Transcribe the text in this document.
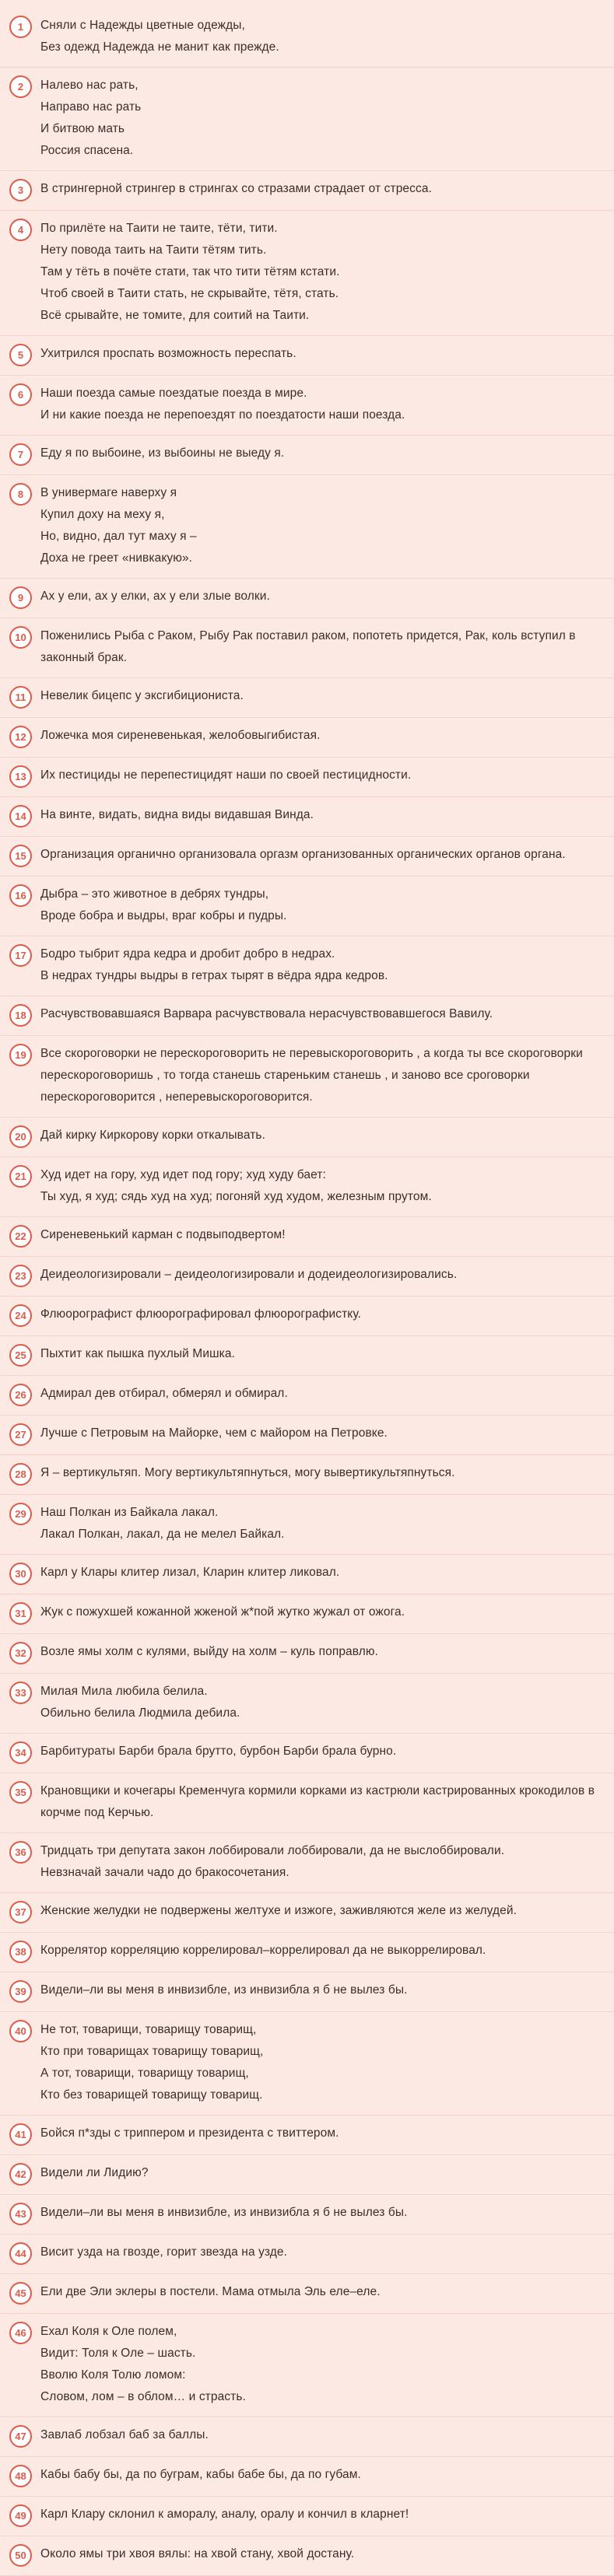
1	Сняли с Надежды цветные одежды,
Без одежд Надежда не манит как прежде.
2	Налево нас рать,
Направо нас рать
И битвою мать
Россия спасена.
3	В стрингерной стрингер в стрингах со стразами страдает от стресса.
4	По прилёте на Таити не таите, тёти, тити.
Нету повода таить на Таити тётям тить.
Там у тёть в почёте стати, так что тити тётям кстати.
Чтоб своей в Таити стать, не скрывайте, тётя, стать.
Всё срывайте, не томите, для соитий на Таити.
5	Ухитрился проспать возможность переспать.
6	Наши поезда самые поездатые поезда в мире.
И ни какие поезда не перепоездят по поездатости наши поезда.
7	Еду я по выбоине, из выбоины не выеду я.
8	В универмаге наверху я
Купил доху на меху я,
Но, видно, дал тут маху я –
Доха не греет «нивкакую».
9	Ах у ели, ах у елки, ах у ели злые волки.
10	Поженились Рыба с Раком, Рыбу Рак поставил раком, попотеть придется, Рак, коль вступил в законный брак.
11	Невелик бицепс у эксгибициониста.
12	Ложечка моя сиреневенькая, желобовыгибистая.
13	Их пестициды не перепестицидят наши по своей пестицидности.
14	На винте, видать, видна виды видавшая Винда.
15	Организация органично организовала оргазм организованных органических органов органа.
16	Дыбра – это животное в дебрях тундры,
Вроде бобра и выдры, враг кобры и пудры.
17	Бодро тыбрит ядра кедра и дробит добро в недрах.
В недрах тундры выдры в гетрах тырят в вёдра ядра кедров.
18	Расчувствовавшаяся Варвара расчувствовала нерасчувствовавшегося Вавилу.
19	Все скороговорки не перескороговорить не перевыскороговорить , а когда ты все скороговорки перескороговоришь , то тогда станешь стареньким станешь , и заново все сроговорки перескороговорится , неперевыскороговорится.
20	Дай кирку Киркорову корки откалывать.
21	Худ идет на гору, худ идет под гору; худ худу бает:
Ты худ, я худ; сядь худ на худ; погоняй худ худом, железным прутом.
22	Сиреневенький карман с подвыподвертом!
23	Деидеологизировали – деидеологизировали и додеидеологизировались.
24	Флюорографист флюорографировал флюорографистку.
25	Пыхтит как пышка пухлый Мишка.
26	Адмирал дев отбирал, обмерял и обмирал.
27	Лучше с Петровым на Майорке, чем с майором на Петровке.
28	Я – вертикультяп. Могу вертикультяпнуться, могу вывертикультяпнуться.
29	Наш Полкан из Байкала лакал.
Лакал Полкан, лакал, да не мелел Байкал.
30	Карл у Клары клитер лизал, Кларин клитер ликовал.
31	Жук с пожухшей кожанной жженой ж*пой жутко жужал от ожога.
32	Возле ямы холм с кулями, выйду на холм – куль поправлю.
33	Милая Мила любила белила.
Обильно белила Людмила дебила.
34	Барбитураты Барби брала брутто, бурбон Барби брала бурно.
35	Крановщики и кочегары Кременчуга кормили корками из кастрюли кастрированных крокодилов в корчме под Керчью.
36	Тридцать три депутата закон лоббировали лоббировали, да не выслоббировали.
Невзначай зачали чадо до бракосочетания.
37	Женские желудки не подвержены желтухе и изжоге, заживляются желе из желудей.
38	Коррелятор корреляцию коррелировал–коррелировал да не выкоррелировал.
39	Видели–ли вы меня в инвизибле, из инвизибла я б не вылез бы.
40	Не тот, товарищи, товарищу товарищ,
Кто при товарищах товарищу товарищ,
А тот, товарищи, товарищу товарищ,
Кто без товарищей товарищу товарищ.
41	Бойся п*зды с триппером и президента с твиттером.
42	Видели ли Лидию?
43	Видели–ли вы меня в инвизибле, из инвизибла я б не вылез бы.
44	Висит узда на гвозде, горит звезда на узде.
45	Ели две Эли эклеры в постели. Мама отмыла Эль еле–еле.
46	Ехал Коля к Оле полем,
Видит: Толя к Оле – шасть.
Вволю Коля Толю ломом:
Словом, лом – в облом… и страсть.
47	Завлаб лобзал баб за баллы.
48	Кабы бабу бы, да по буграм, кабы бабе бы, да по губам.
49	Карл Клару склонил к аморалу, аналу, оралу и кончил в кларнет!
50	Около ямы три хвоя вялы: на хвой стану, хвой достану.
